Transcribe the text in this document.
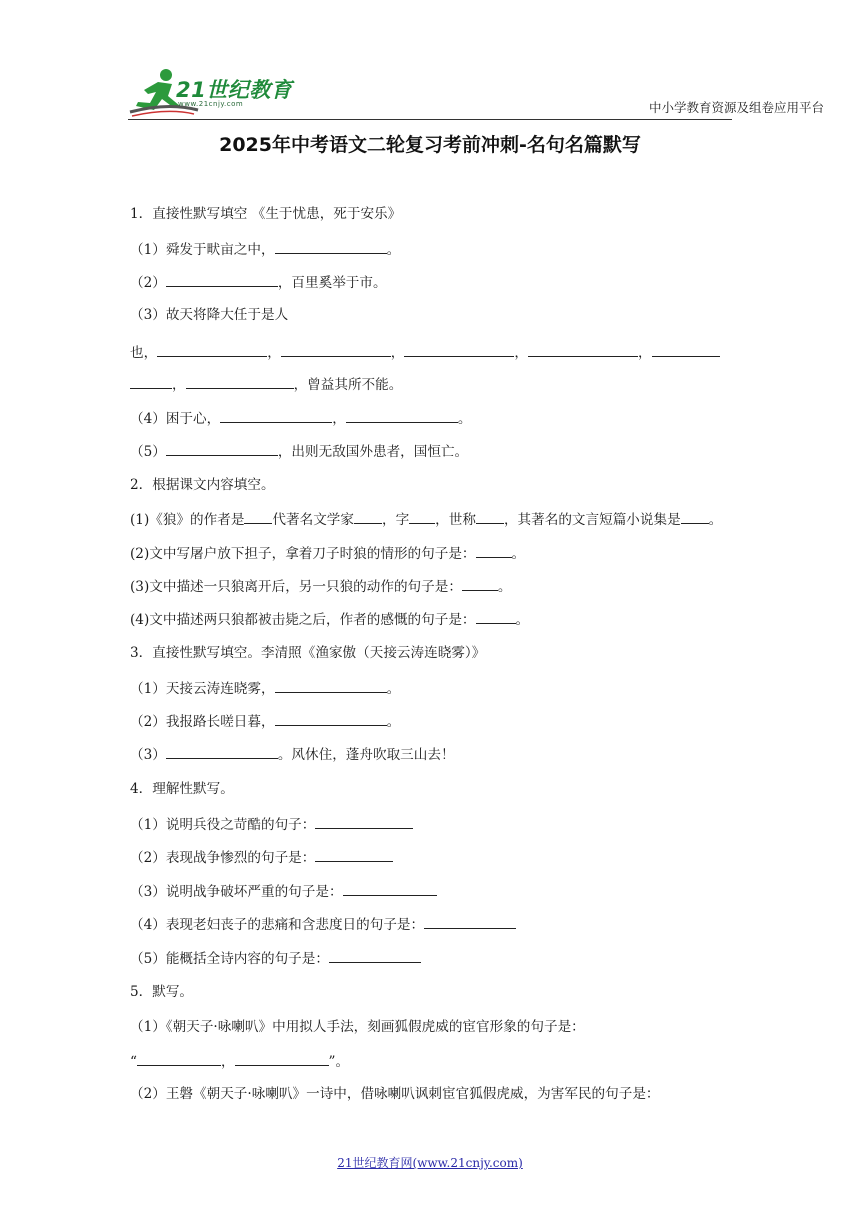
21世纪教育
www.21cnjy.com	中小学教育资源及组卷应用平台
2025年中考语文二轮复习考前冲刺-名句名篇默写
1．直接性默写填空 《生于忧患，死于安乐》
（1）舜发于畎亩之中，	。
（2）	，百里奚举于市。
（3）故天将降大任于是人
也，	，	，	，	，
，	，曾益其所不能。
（4）困于心，	，	。
（5）	，出则无敌国外患者，国恒亡。
2．根据课文内容填空。
(1)《狼》的作者是 代著名文学家 ，字 ，世称 ，其著名的文言短篇小说集是 。
(2)文中写屠户放下担子，拿着刀子时狼的情形的句子是：	。
(3)文中描述一只狼离开后，另一只狼的动作的句子是：	。
(4)文中描述两只狼都被击毙之后，作者的感慨的句子是：	。
3．直接性默写填空。李清照《渔家傲（天接云涛连晓雾）》
（1）天接云涛连晓雾，	。
（2）我报路长嗟日暮，	。
（3）	。风休住，蓬舟吹取三山去！
4．理解性默写。
（1）说明兵役之苛酷的句子：
（2）表现战争惨烈的句子是：
（3）说明战争破坏严重的句子是：
（4）表现老妇丧子的悲痛和含悲度日的句子是：
（5）能概括全诗内容的句子是：
5．默写。
（1）《朝天子·咏喇叭》中用拟人手法，刻画狐假虎威的宦官形象的句子是：
“	，	”。
（2）王磐《朝天子·咏喇叭》一诗中，借咏喇叭讽刺宦官狐假虎威，为害军民的句子是：
21世纪教育网(www.21cnjy.com)
